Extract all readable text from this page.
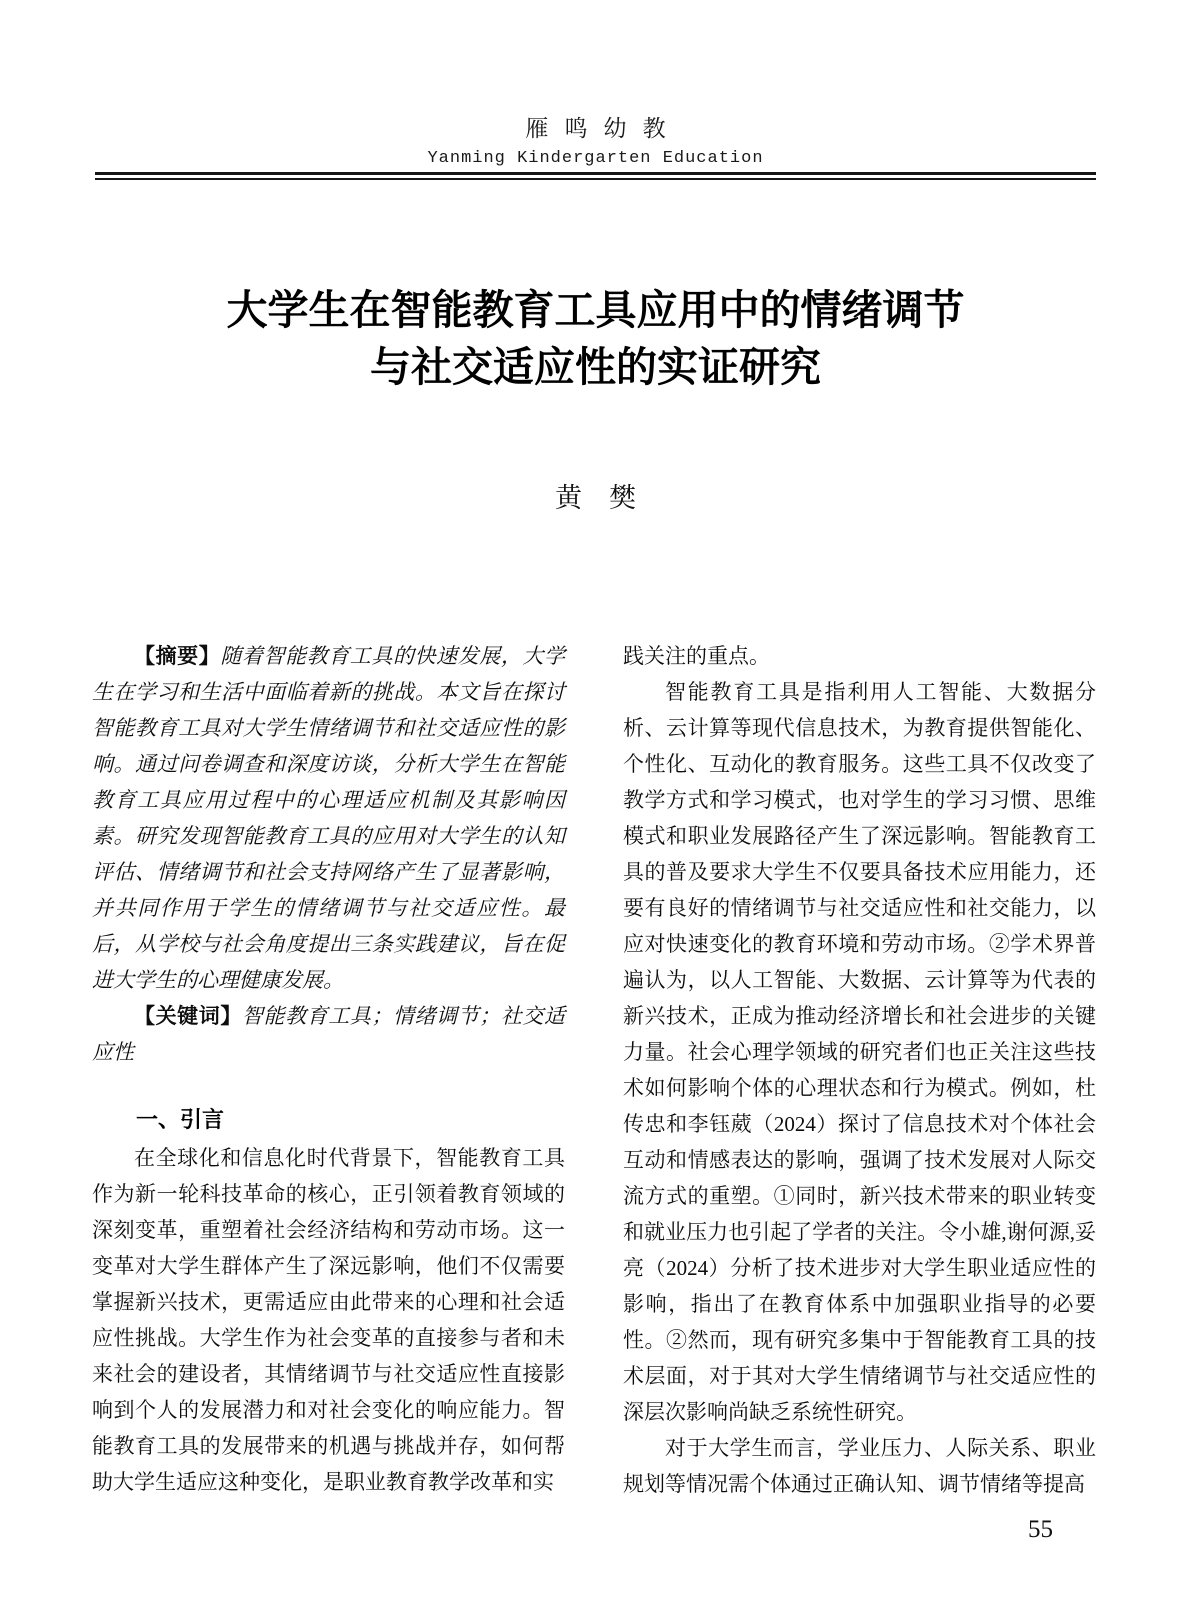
雁鸣幼教
Yanming Kindergarten Education
大学生在智能教育工具应用中的情绪调节
与社交适应性的实证研究
黄　樊

【摘要】随着智能教育工具的快速发展，大学生在学习和生活中面临着新的挑战。本文旨在探讨智能教育工具对大学生情绪调节和社交适应性的影响。通过问卷调查和深度访谈，分析大学生在智能教育工具应用过程中的心理适应机制及其影响因素。研究发现智能教育工具的应用对大学生的认知评估、情绪调节和社会支持网络产生了显著影响，并共同作用于学生的情绪调节与社交适应性。最后，从学校与社会角度提出三条实践建议，旨在促进大学生的心理健康发展。

【关键词】智能教育工具；情绪调节；社交适应性

一、引言

在全球化和信息化时代背景下，智能教育工具作为新一轮科技革命的核心，正引领着教育领域的深刻变革，重塑着社会经济结构和劳动市场。这一变革对大学生群体产生了深远影响，他们不仅需要掌握新兴技术，更需适应由此带来的心理和社会适应性挑战。大学生作为社会变革的直接参与者和未来社会的建设者，其情绪调节与社交适应性直接影响到个人的发展潜力和对社会变化的响应能力。智能教育工具的发展带来的机遇与挑战并存，如何帮助大学生适应这种变化，是职业教育教学改革和实

践关注的重点。

智能教育工具是指利用人工智能、大数据分析、云计算等现代信息技术，为教育提供智能化、个性化、互动化的教育服务。这些工具不仅改变了教学方式和学习模式，也对学生的学习习惯、思维模式和职业发展路径产生了深远影响。智能教育工具的普及要求大学生不仅要具备技术应用能力，还要有良好的情绪调节与社交适应性和社交能力，以应对快速变化的教育环境和劳动市场。②学术界普遍认为，以人工智能、大数据、云计算等为代表的新兴技术，正成为推动经济增长和社会进步的关键力量。社会心理学领域的研究者们也正关注这些技术如何影响个体的心理状态和行为模式。例如，杜传忠和李钰葳（2024）探讨了信息技术对个体社会互动和情感表达的影响，强调了技术发展对人际交流方式的重塑。①同时，新兴技术带来的职业转变和就业压力也引起了学者的关注。令小雄,谢何源,妥亮（2024）分析了技术进步对大学生职业适应性的影响，指出了在教育体系中加强职业指导的必要性。②然而，现有研究多集中于智能教育工具的技术层面，对于其对大学生情绪调节与社交适应性的深层次影响尚缺乏系统性研究。

对于大学生而言，学业压力、人际关系、职业规划等情况需个体通过正确认知、调节情绪等提高

55
